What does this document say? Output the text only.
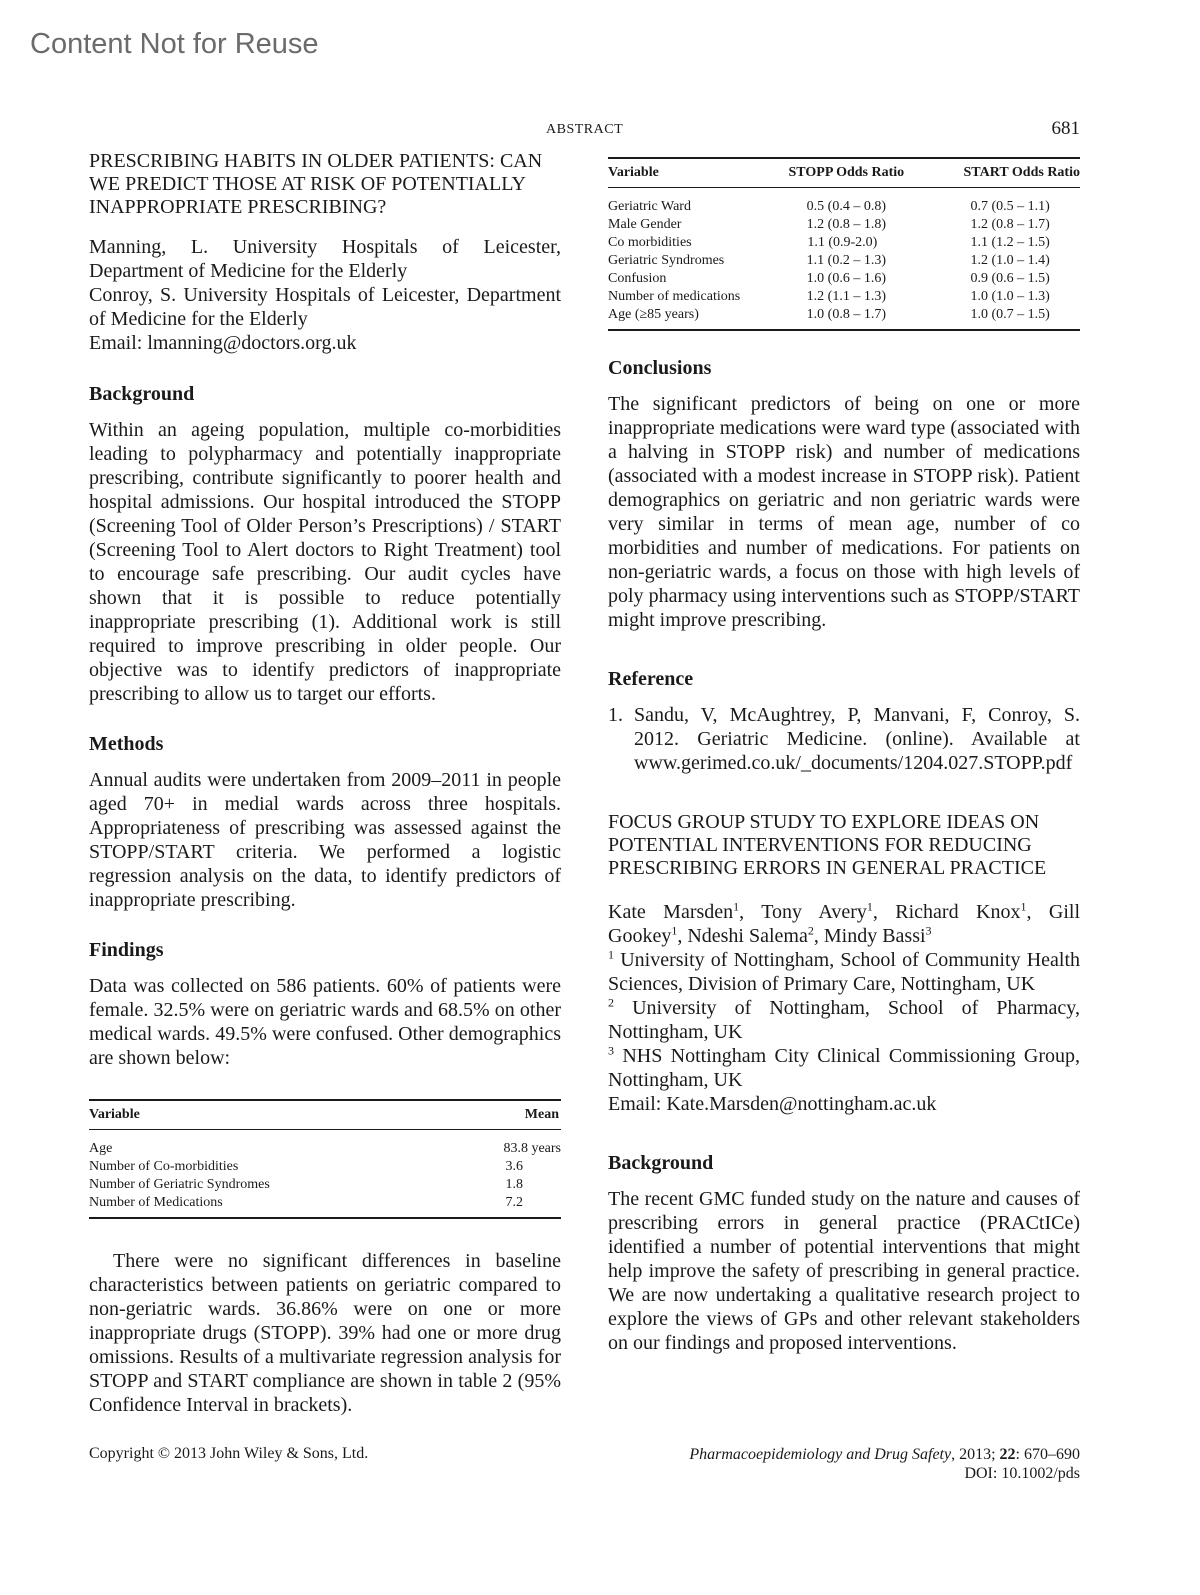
Content Not for Reuse
ABSTRACT	681
PRESCRIBING HABITS IN OLDER PATIENTS: CAN WE PREDICT THOSE AT RISK OF POTENTIALLY INAPPROPRIATE PRESCRIBING?
Manning, L. University Hospitals of Leicester, Department of Medicine for the Elderly
Conroy, S. University Hospitals of Leicester, Department of Medicine for the Elderly
Email: lmanning@doctors.org.uk
Background

Within an ageing population, multiple co-morbidities leading to polypharmacy and potentially inappropriate prescribing, contribute significantly to poorer health and hospital admissions. Our hospital introduced the STOPP (Screening Tool of Older Person’s Prescriptions) / START (Screening Tool to Alert doctors to Right Treatment) tool to encourage safe prescribing. Our audit cycles have shown that it is possible to reduce potentially inappropriate prescribing (1). Additional work is still required to improve prescribing in older people. Our objective was to identify predictors of inappropriate prescribing to allow us to target our efforts.

Methods

Annual audits were undertaken from 2009–2011 in people aged 70+ in medial wards across three hospitals. Appropriateness of prescribing was assessed against the STOPP/START criteria. We performed a logistic regression analysis on the data, to identify predictors of inappropriate prescribing.

Findings

Data was collected on 586 patients. 60% of patients were female. 32.5% were on geriatric wards and 68.5% on other medical wards. 49.5% were confused. Other demographics are shown below:

Variable	Mean
Age	83.8 years
Number of Co-morbidities	3.6
Number of Geriatric Syndromes	1.8
Number of Medications	7.2

There were no significant differences in baseline characteristics between patients on geriatric compared to non-geriatric wards. 36.86% were on one or more inappropriate drugs (STOPP). 39% had one or more drug omissions. Results of a multivariate regression analysis for STOPP and START compliance are shown in table 2 (95% Confidence Interval in brackets).

Variable	STOPP Odds Ratio	START Odds Ratio
Geriatric Ward	0.5 (0.4 – 0.8)	0.7 (0.5 – 1.1)
Male Gender	1.2 (0.8 – 1.8)	1.2 (0.8 – 1.7)
Co morbidities	1.1 (0.9-2.0)	1.1 (1.2 – 1.5)
Geriatric Syndromes	1.1 (0.2 – 1.3)	1.2 (1.0 – 1.4)
Confusion	1.0 (0.6 – 1.6)	0.9 (0.6 – 1.5)
Number of medications	1.2 (1.1 – 1.3)	1.0 (1.0 – 1.3)
Age (≥85 years)	1.0 (0.8 – 1.7)	1.0 (0.7 – 1.5)
Conclusions

The significant predictors of being on one or more inappropriate medications were ward type (associated with a halving in STOPP risk) and number of medications (associated with a modest increase in STOPP risk). Patient demographics on geriatric and non geriatric wards were very similar in terms of mean age, number of co morbidities and number of medications. For patients on non-geriatric wards, a focus on those with high levels of poly pharmacy using interventions such as STOPP/START might improve prescribing.

Reference
1. Sandu, V, McAughtrey, P, Manvani, F, Conroy, S. 2012. Geriatric Medicine. (online). Available at www.gerimed.co.uk/_documents/1204.027.STOPP.pdf
FOCUS GROUP STUDY TO EXPLORE IDEAS ON POTENTIAL INTERVENTIONS FOR REDUCING PRESCRIBING ERRORS IN GENERAL PRACTICE
Kate Marsden$^1$, Tony Avery$^1$, Richard Knox$^1$, Gill Gookey$^1$, Ndeshi Salema$^2$, Mindy Bassi$^3$
$^1$ University of Nottingham, School of Community Health Sciences, Division of Primary Care, Nottingham, UK
$^2$ University of Nottingham, School of Pharmacy, Nottingham, UK
$^3$ NHS Nottingham City Clinical Commissioning Group, Nottingham, UK
Email: Kate.Marsden@nottingham.ac.uk
Background

The recent GMC funded study on the nature and causes of prescribing errors in general practice (PRACtICe) identified a number of potential interventions that might help improve the safety of prescribing in general practice. We are now undertaking a qualitative research project to explore the views of GPs and other relevant stakeholders on our findings and proposed interventions.

Copyright © 2013 John Wiley & Sons, Ltd.	Pharmacoepidemiology and Drug Safety, 2013; 22: 670–690
DOI: 10.1002/pds
